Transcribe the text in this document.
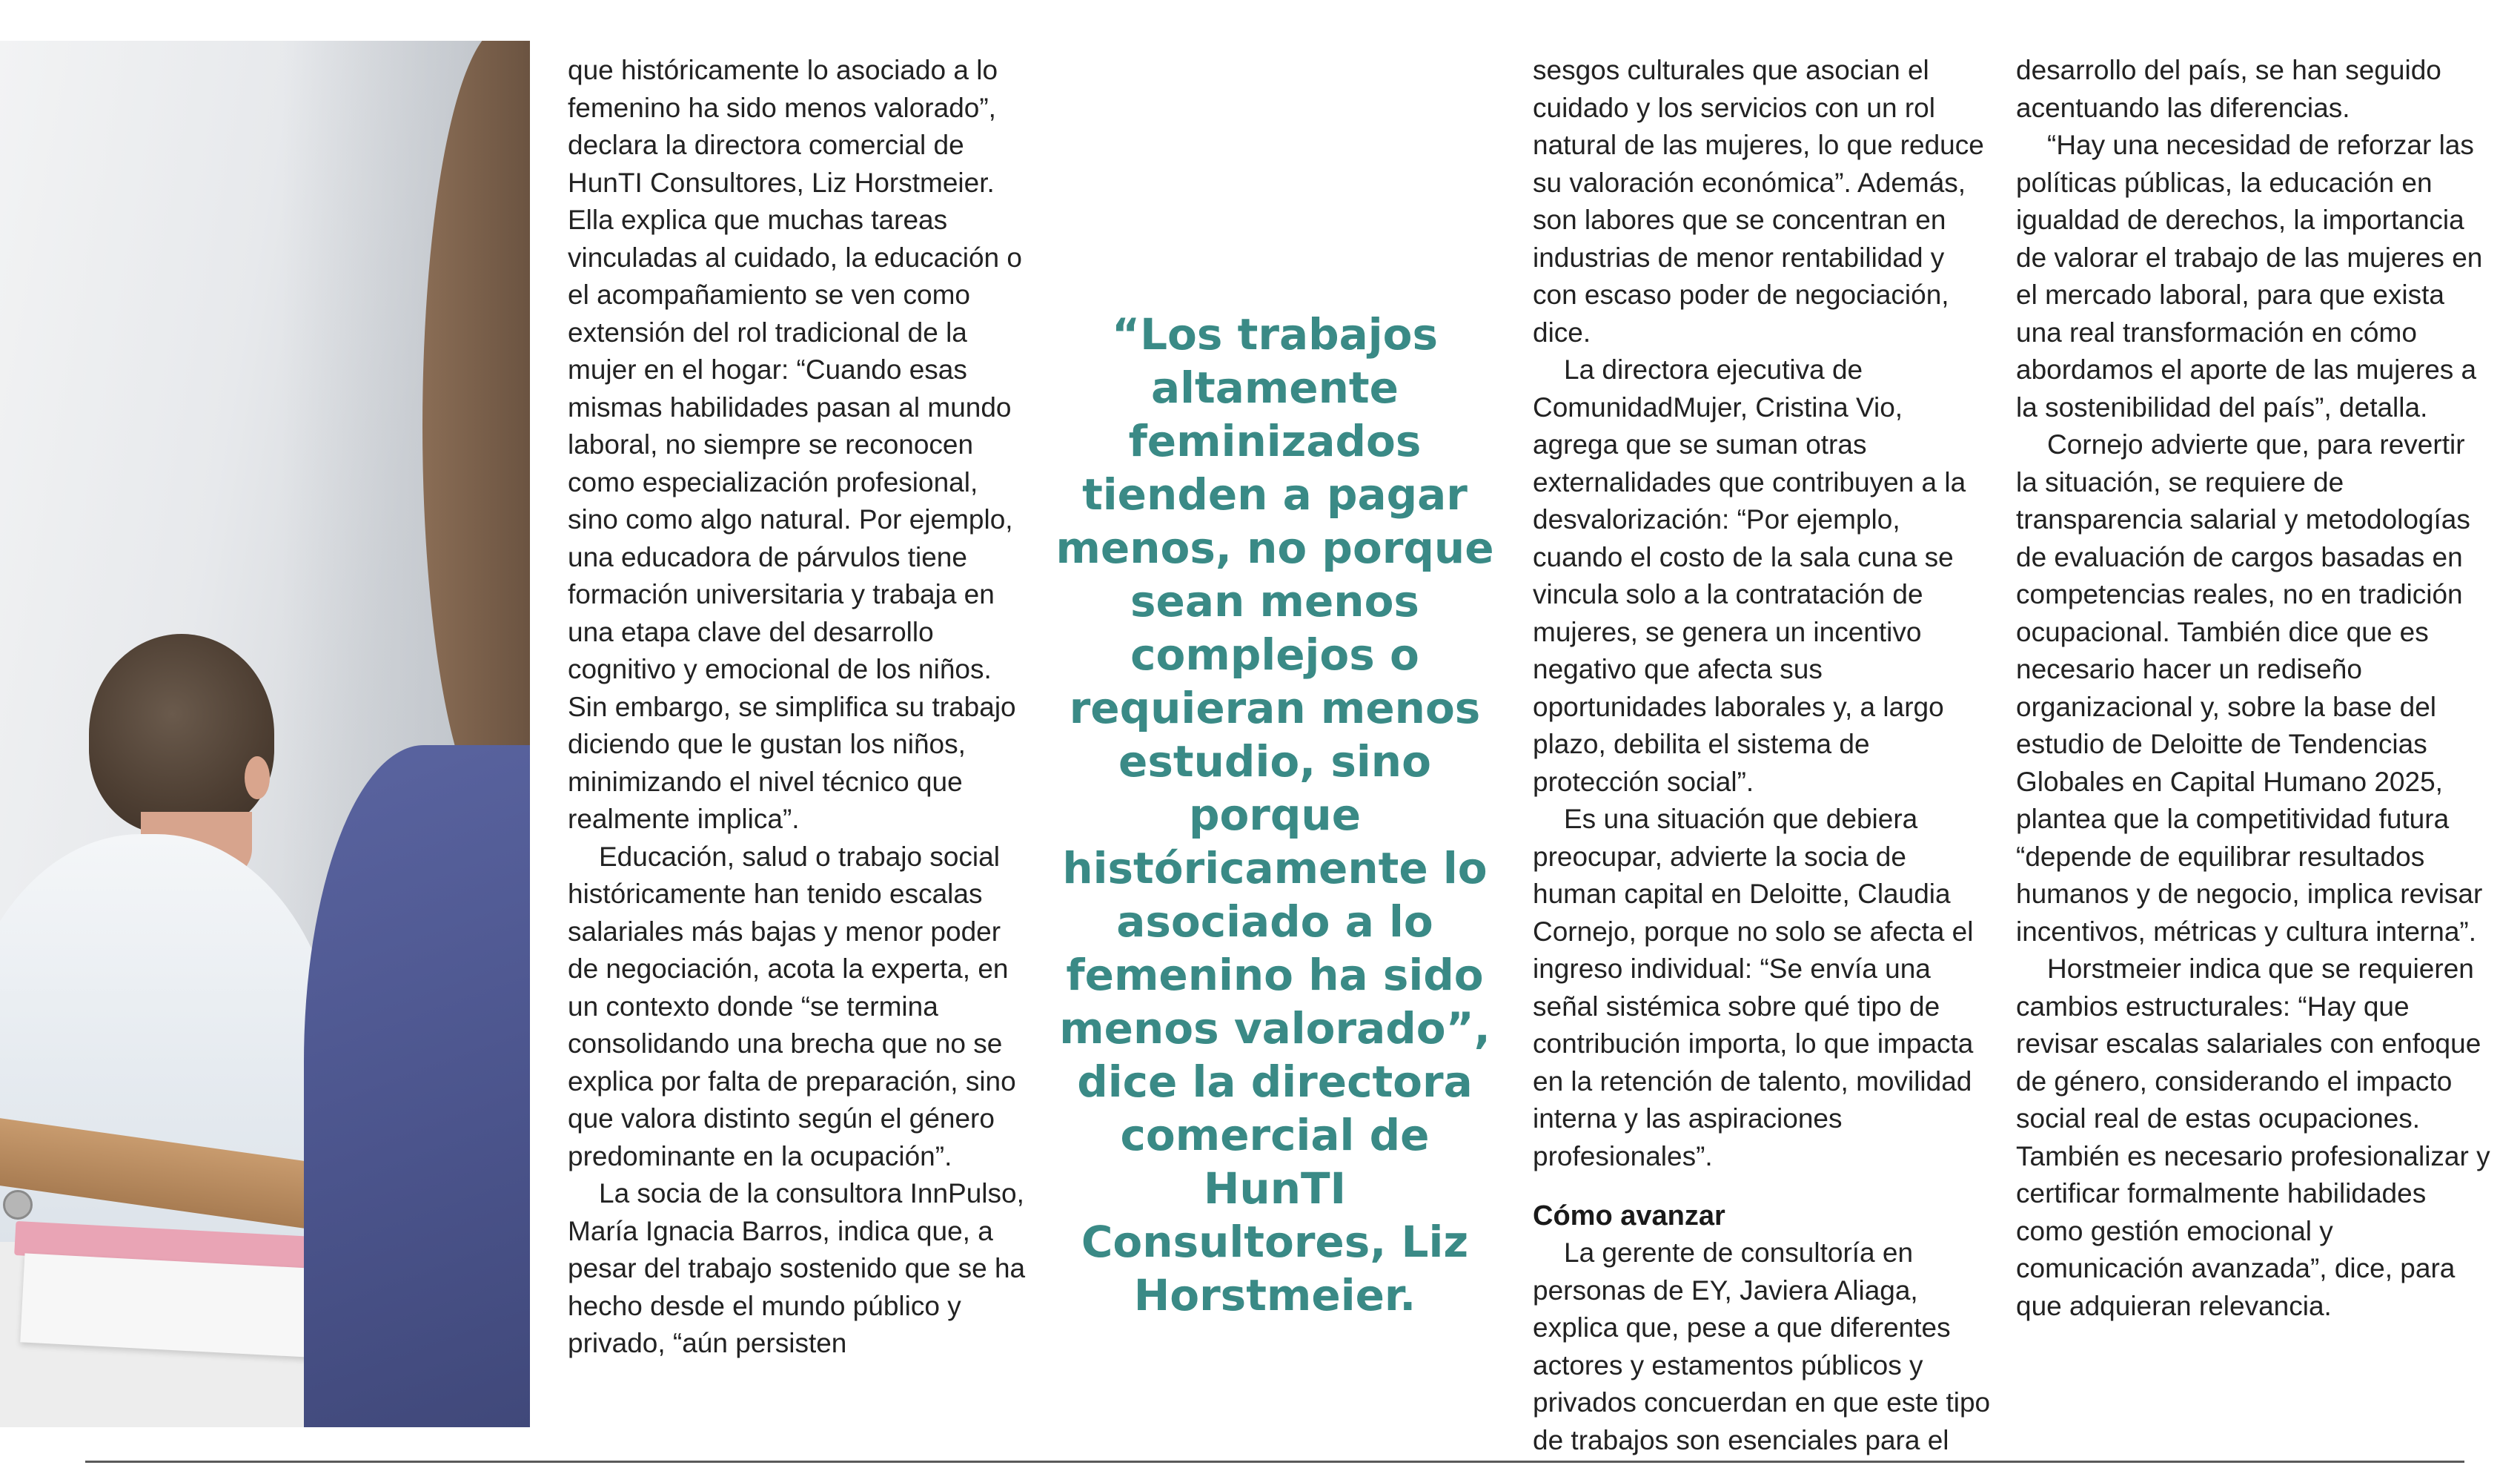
que históricamente lo asociado a lo femenino ha sido menos valorado”, declara la directora comercial de HunTI Consultores, Liz Horstmeier. Ella explica que muchas tareas vinculadas al cuidado, la educación o el acompañamiento se ven como extensión del rol tradicional de la mujer en el hogar: “Cuando esas mismas habilidades pasan al mundo laboral, no siempre se reconocen como especialización profesional, sino como algo natural. Por ejemplo, una educadora de párvulos tiene formación universitaria y trabaja en una etapa clave del desarrollo cognitivo y emocional de los niños. Sin embargo, se simplifica su trabajo diciendo que le gustan los niños, minimizando el nivel técnico que realmente implica”.

Educación, salud o trabajo social históricamente han tenido escalas salariales más bajas y menor poder de negociación, acota la experta, en un contexto donde “se termina consolidando una brecha que no se explica por falta de preparación, sino que valora distinto según el género predominante en la ocupación”.

La socia de la consultora InnPulso, María Ignacia Barros, indica que, a pesar del trabajo sostenido que se ha hecho desde el mundo público y privado, “aún persisten

“Los trabajos altamente feminizados tienden a pagar menos, no porque sean menos complejos o requieran menos estudio, sino porque históricamente lo asociado a lo femenino ha sido menos valorado”, dice la directora comercial de HunTI Consultores, Liz Horstmeier.

sesgos culturales que asocian el cuidado y los servicios con un rol natural de las mujeres, lo que reduce su valoración económica”. Además, son labores que se concentran en industrias de menor rentabilidad y con escaso poder de negociación, dice.

La directora ejecutiva de ComunidadMujer, Cristina Vio, agrega que se suman otras externalidades que contribuyen a la desvalorización: “Por ejemplo, cuando el costo de la sala cuna se vincula solo a la contratación de mujeres, se genera un incentivo negativo que afecta sus oportunidades laborales y, a largo plazo, debilita el sistema de protección social”.

Es una situación que debiera preocupar, advierte la socia de human capital en Deloitte, Claudia Cornejo, porque no solo se afecta el ingreso individual: “Se envía una señal sistémica sobre qué tipo de contribución importa, lo que impacta en la retención de talento, movilidad interna y las aspiraciones profesionales”.

Cómo avanzar

La gerente de consultoría en personas de EY, Javiera Aliaga, explica que, pese a que diferentes actores y estamentos públicos y privados concuerdan en que este tipo de trabajos son esenciales para el

desarrollo del país, se han seguido acentuando las diferencias.

“Hay una necesidad de reforzar las políticas públicas, la educación en igualdad de derechos, la importancia de valorar el trabajo de las mujeres en el mercado laboral, para que exista una real transformación en cómo abordamos el aporte de las mujeres a la sostenibilidad del país”, detalla.

Cornejo advierte que, para revertir la situación, se requiere de transparencia salarial y metodologías de evaluación de cargos basadas en competencias reales, no en tradición ocupacional. También dice que es necesario hacer un rediseño organizacional y, sobre la base del estudio de Deloitte de Tendencias Globales en Capital Humano 2025, plantea que la competitividad futura “depende de equilibrar resultados humanos y de negocio, implica revisar incentivos, métricas y cultura interna”.

Horstmeier indica que se requieren cambios estructurales: “Hay que revisar escalas salariales con enfoque de género, considerando el impacto social real de estas ocupaciones. También es necesario profesionalizar y certificar formalmente habilidades como gestión emocional y comunicación avanzada”, dice, para que adquieran relevancia.
